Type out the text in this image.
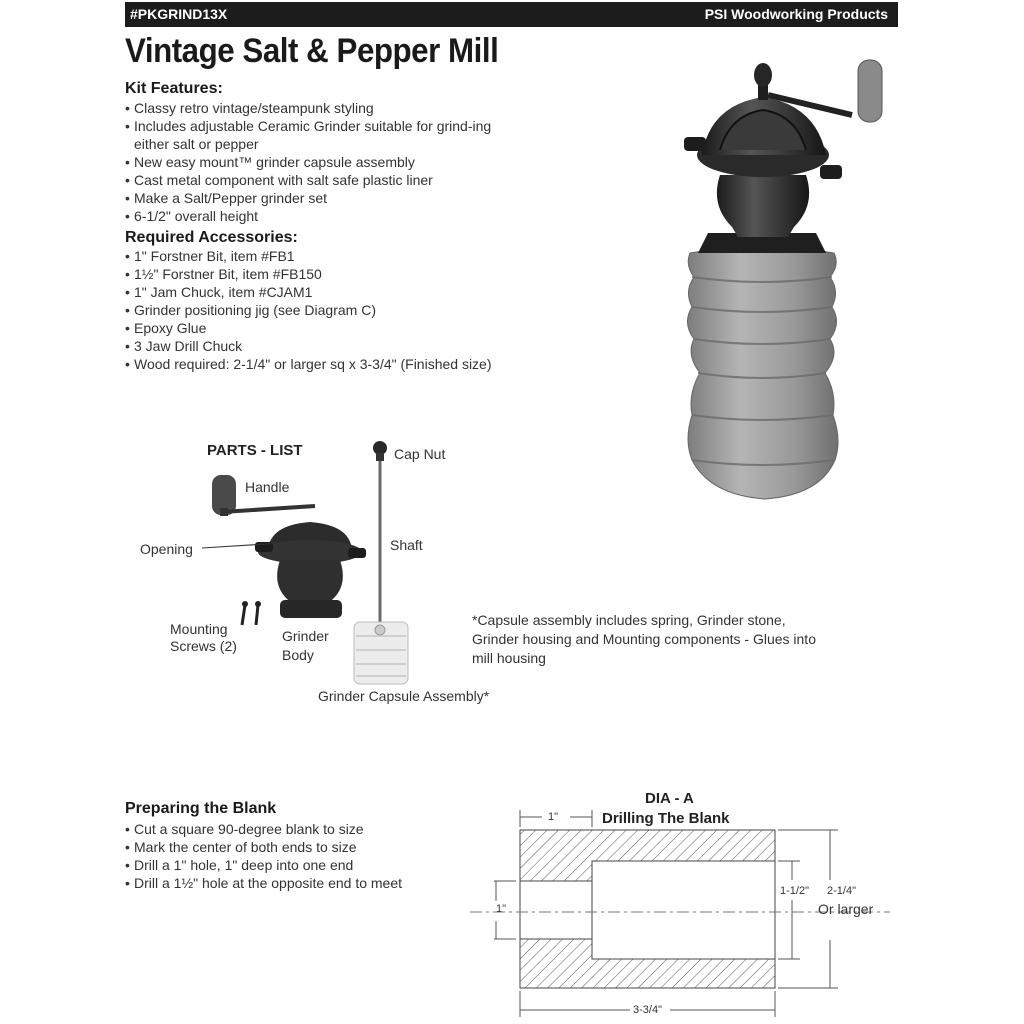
#PKGRIND13X	PSI Woodworking Products
Vintage Salt & Pepper Mill
Kit Features:
• Classy retro vintage/steampunk styling
• Includes adjustable Ceramic Grinder suitable for grind-ing either salt or pepper
• New easy mount™ grinder capsule assembly
• Cast metal component with salt safe plastic liner
• Make a Salt/Pepper grinder set
• 6-1/2" overall height
Required Accessories:
• 1" Forstner Bit, item #FB1
• 1½" Forstner Bit, item #FB150
• 1" Jam Chuck, item #CJAM1
• Grinder positioning jig (see Diagram C)
• Epoxy Glue
• 3 Jaw Drill Chuck
• Wood required: 2-1/4" or larger sq x 3-3/4" (Finished size)
PARTS - LIST	Cap Nut
Handle
Opening	Shaft
Mounting
Screws (2)
Grinder
Body
Grinder Capsule Assembly*
*Capsule assembly includes spring, Grinder stone, Grinder housing and Mounting components - Glues into mill housing
Preparing the Blank
• Cut a square 90-degree blank to size
• Mark the center of both ends to size
• Drill a 1" hole, 1" deep into one end
• Drill a 1½" hole at the opposite end to meet
DIA - A
Drilling The Blank
1"
1"
1-1/2" 2-1/4"
Or larger
3-3/4"
